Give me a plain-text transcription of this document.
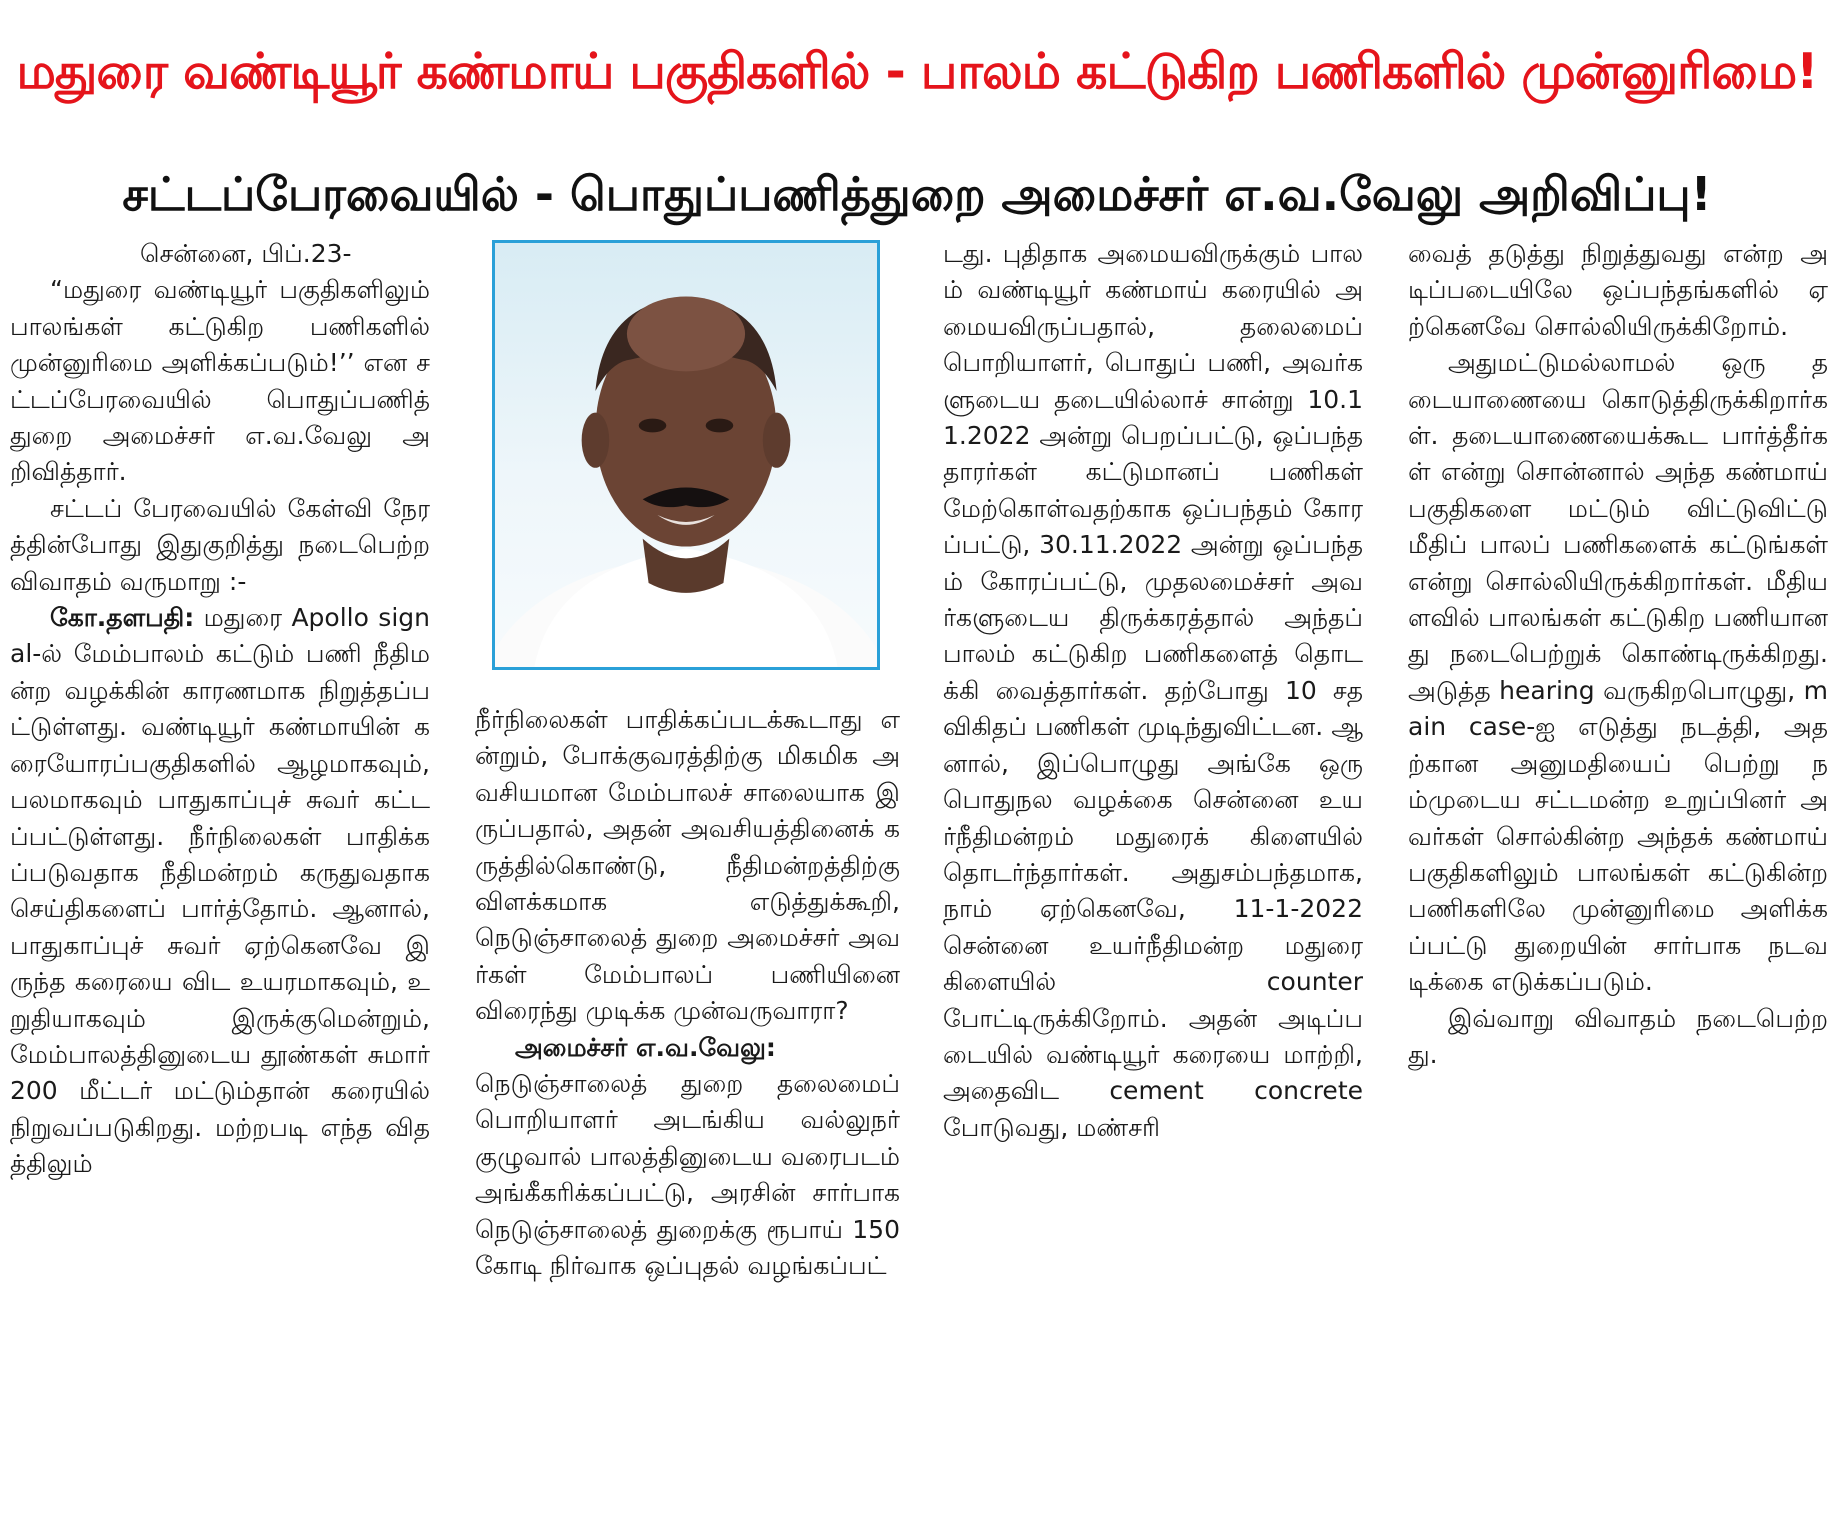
மதுரை வண்டியூர் கண்மாய் பகுதிகளில் - பாலம் கட்டுகிற பணிகளில் முன்னுரிமை!
சட்டப்பேரவையில் - பொதுப்பணித்துறை அமைச்சர் எ.வ.வேலு அறிவிப்பு!

சென்னை, பிப்.23-

“மதுரை வண்டியூர் பகுதிகளிலும் பாலங்கள் கட்டுகிற பணிகளில் முன்னுரிமை அளிக்கப்படும்!’’ என சட்டப்பேரவையில் பொதுப்பணித் துறை அமைச்சர் எ.வ.வேலு அறிவித்தார்.

சட்டப் பேரவையில் கேள்வி நேரத்தின்போது இதுகுறித்து நடைபெற்ற விவாதம் வருமாறு :-

கோ.தளபதி: மதுரை Apollo signal-ல் மேம்பாலம் கட்டும் பணி நீதிமன்ற வழக்கின் காரணமாக நிறுத்தப்பட்டுள்ளது. வண்டியூர் கண்மாயின் கரையோரப்பகுதிகளில் ஆழமாகவும், பலமாகவும் பாதுகாப்புச் சுவர் கட்டப்பட்டுள்ளது. நீர்நிலைகள் பாதிக்கப்படுவதாக நீதிமன்றம் கருதுவதாக செய்திகளைப் பார்த்தோம். ஆனால், பாதுகாப்புச் சுவர் ஏற்கெனவே இருந்த கரையை விட உயரமாகவும், உறுதியாகவும் இருக்குமென்றும், மேம்பாலத்தினுடைய தூண்கள் சுமார் 200 மீட்டர் மட்டும்தான் கரையில் நிறுவப்படுகிறது. மற்றபடி எந்த விதத்திலும்

நீர்நிலைகள் பாதிக்கப்படக்கூடாது என்றும், போக்குவரத்திற்கு மிகமிக அவசியமான மேம்பாலச் சாலையாக இருப்பதால், அதன் அவசியத்தினைக் கருத்தில்கொண்டு, நீதிமன்றத்திற்கு விளக்கமாக எடுத்துக்கூறி, நெடுஞ்சாலைத் துறை அமைச்சர் அவர்கள் மேம்பாலப் பணியினை விரைந்து முடிக்க முன்வருவாரா?

அமைச்சர் எ.வ.வேலு:

நெடுஞ்சாலைத் துறை தலைமைப் பொறியாளர் அடங்கிய வல்லுநர் குழுவால் பாலத்தினுடைய வரைபடம் அங்கீகரிக்கப்பட்டு, அரசின் சார்பாக நெடுஞ்சாலைத் துறைக்கு ரூபாய் 150 கோடி நிர்வாக ஒப்புதல் வழங்கப்பட்

டது. புதிதாக அமையவிருக்கும் பாலம் வண்டியூர் கண்மாய் கரையில் அமையவிருப்பதால், தலைமைப் பொறியாளர், பொதுப் பணி, அவர்களுடைய தடையில்லாச் சான்று 10.11.2022 அன்று பெறப்பட்டு, ஒப்பந்ததாரர்கள் கட்டுமானப் பணிகள் மேற்கொள்வதற்காக ஒப்பந்தம் கோரப்பட்டு, 30.11.2022 அன்று ஒப்பந்தம் கோரப்பட்டு, முதலமைச்சர் அவர்களுடைய திருக்கரத்தால் அந்தப் பாலம் கட்டுகிற பணிகளைத் தொடக்கி வைத்தார்கள். தற்போது 10 சதவிகிதப் பணிகள் முடிந்துவிட்டன. ஆனால், இப்பொழுது அங்கே ஒரு பொதுநல வழக்கை சென்னை உயர்நீதிமன்றம் மதுரைக் கிளையில் தொடர்ந்தார்கள். அதுசம்பந்தமாக, நாம் ஏற்கெனவே, 11-1-2022 சென்னை உயர்நீதிமன்ற மதுரை கிளையில் counter போட்டிருக்கிறோம். அதன் அடிப்படையில் வண்டியூர் கரையை மாற்றி, அதைவிட cement concrete போடுவது, மண்சரி

வைத் தடுத்து நிறுத்துவது என்ற அடிப்படையிலே ஒப்பந்தங்களில் ஏற்கெனவே சொல்லியிருக்கிறோம்.

அதுமட்டுமல்லாமல் ஒரு தடையாணையை கொடுத்திருக்கிறார்கள். தடையாணையைக்கூட பார்த்தீர்கள் என்று சொன்னால் அந்த கண்மாய் பகுதிகளை மட்டும் விட்டுவிட்டு மீதிப் பாலப் பணிகளைக் கட்டுங்கள் என்று சொல்லியிருக்கிறார்கள். மீதியளவில் பாலங்கள் கட்டுகிற பணியானது நடைபெற்றுக் கொண்டிருக்கிறது. அடுத்த hearing வருகிறபொழுது, main case-ஐ எடுத்து நடத்தி, அதற்கான அனுமதியைப் பெற்று நம்முடைய சட்டமன்ற உறுப்பினர் அவர்கள் சொல்கின்ற அந்தக் கண்மாய் பகுதிகளிலும் பாலங்கள் கட்டுகின்ற பணிகளிலே முன்னுரிமை அளிக்கப்பட்டு துறையின் சார்பாக நடவடிக்கை எடுக்கப்படும்.

இவ்வாறு விவாதம் நடைபெற்றது.
